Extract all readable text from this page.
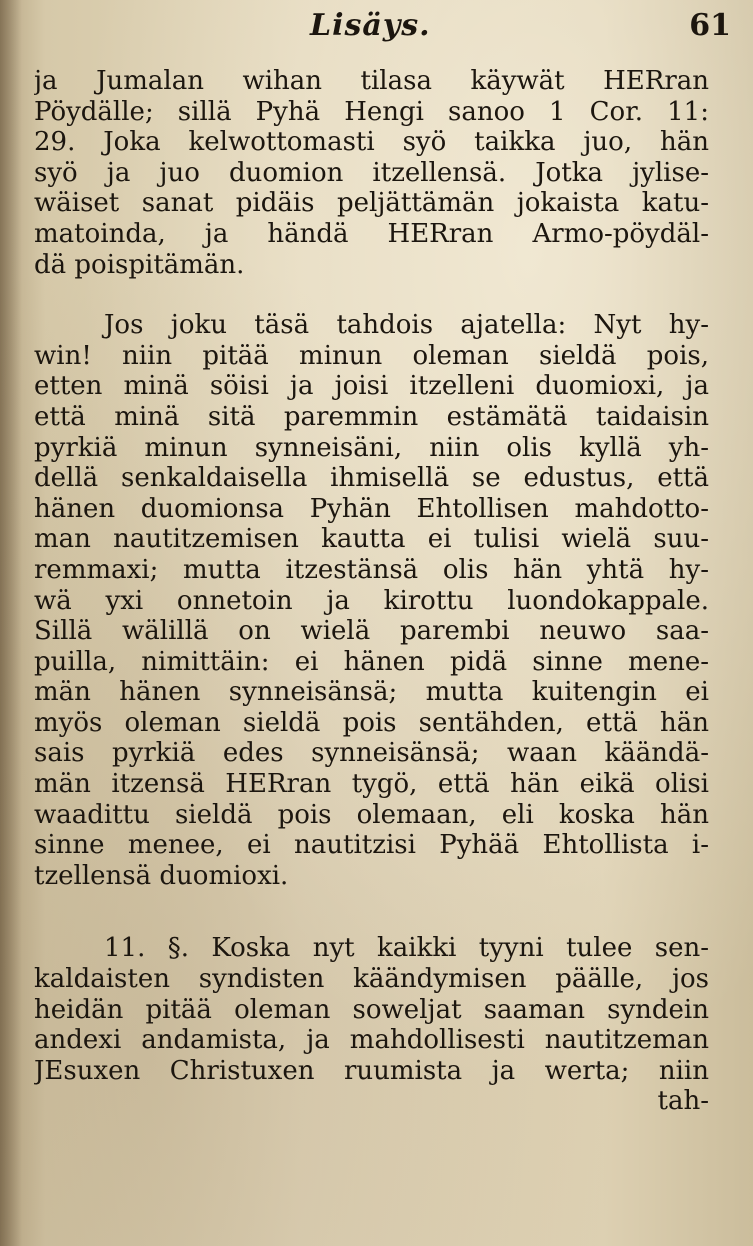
Lisäys.	61
ja Jumalan wihan tilasa käywät HERran
Pöydälle; sillä Pyhä Hengi sanoo 1 Cor. 11:
29. Joka kelwottomasti syö taikka juo, hän
syö ja juo duomion itzellensä. Jotka jylise-
wäiset sanat pidäis peljättämän jokaista katu-
matoinda, ja händä HERran Armo-pöydäl-
dä poispitämän.
Jos joku täsä tahdois ajatella: Nyt hy-
win! niin pitää minun oleman sieldä pois,
etten minä söisi ja joisi itzelleni duomioxi, ja
että minä sitä paremmin estämätä taidaisin
pyrkiä minun synneisäni, niin olis kyllä yh-
dellä senkaldaisella ihmisellä se edustus, että
hänen duomionsa Pyhän Ehtollisen mahdotto-
man nautitzemisen kautta ei tulisi wielä suu-
remmaxi; mutta itzestänsä olis hän yhtä hy-
wä yxi onnetoin ja kirottu luondokappale.
Sillä wälillä on wielä parembi neuwo saa-
puilla, nimittäin: ei hänen pidä sinne mene-
män hänen synneisänsä; mutta kuitengin ei
myös oleman sieldä pois sentähden, että hän
sais pyrkiä edes synneisänsä; waan käändä-
män itzensä HERran tygö, että hän eikä olisi
waadittu sieldä pois olemaan, eli koska hän
sinne menee, ei nautitzisi Pyhää Ehtollista i-
tzellensä duomioxi.
11. §. Koska nyt kaikki tyyni tulee sen-
kaldaisten syndisten käändymisen päälle, jos
heidän pitää oleman soweljat saaman syndein
andexi andamista, ja mahdollisesti nautitzeman
JEsuxen Christuxen ruumista ja werta; niin
tah-
